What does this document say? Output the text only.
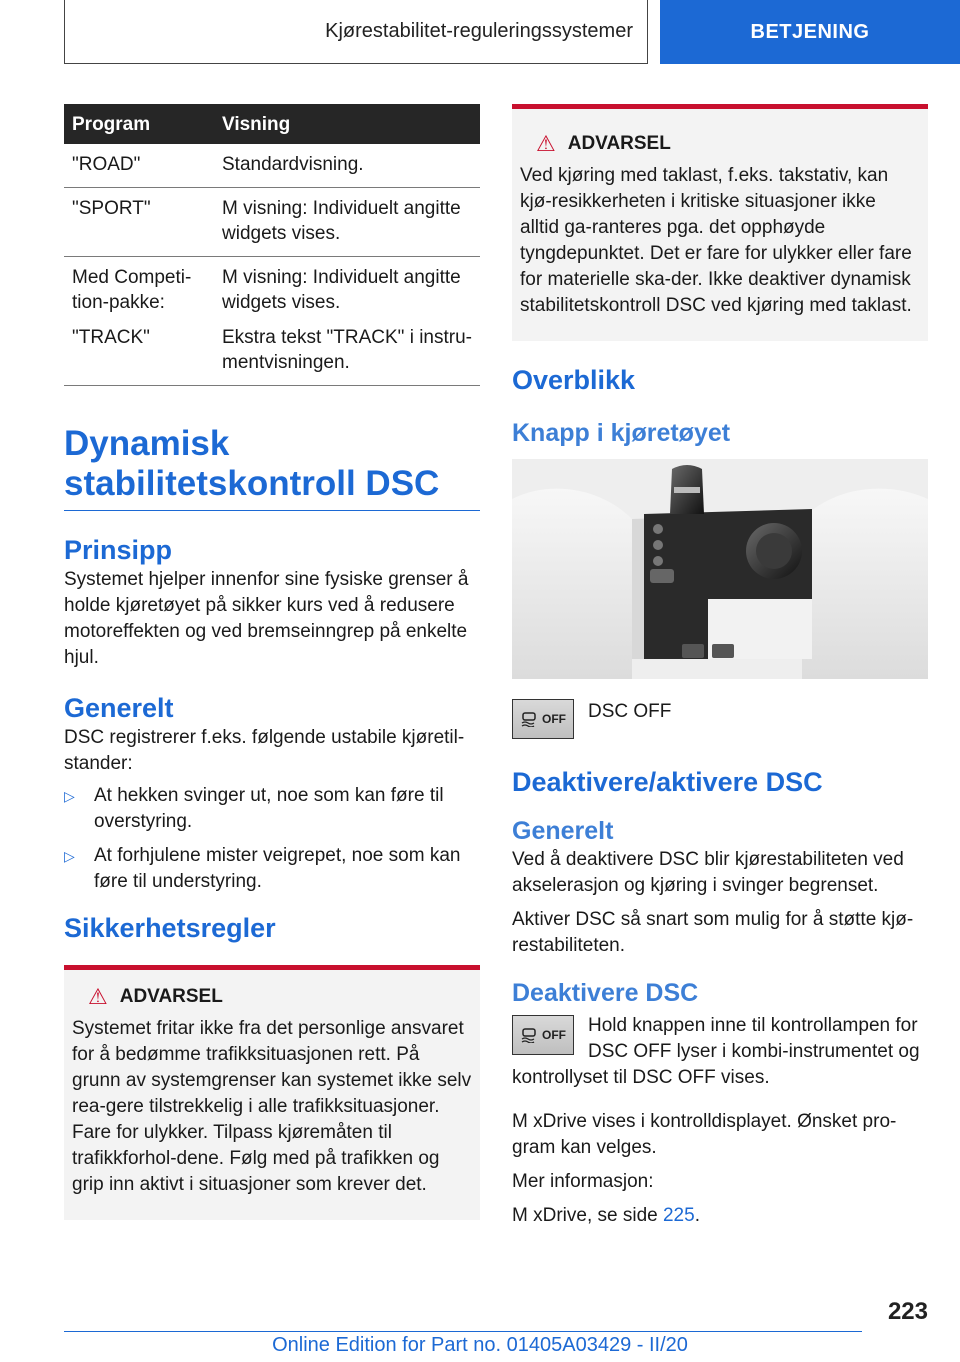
Kjørestabilitet-reguleringssystemer	BETJENING
Program	Visning
"ROAD"	Standardvisning.
"SPORT"	M visning: Individuelt angitte widgets vises.
Med Competi-tion-pakke:	M visning: Individuelt angitte widgets vises.
"TRACK"	Ekstra tekst "TRACK" i instru-mentvisningen.
Dynamisk stabilitetskontroll DSC
Prinsipp

Systemet hjelper innenfor sine fysiske grenser å holde kjøretøyet på sikker kurs ved å redusere motoreffekten og ved bremseinngrep på enkelte hjul.

Generelt

DSC registrerer f.eks. følgende ustabile kjøretil-stander:

▷ At hekken svinger ut, noe som kan føre til overstyring.
▷ At forhjulene mister veigrepet, noe som kan føre til understyring.
Sikkerhetsregler
⚠ ADVARSEL

Systemet fritar ikke fra det personlige ansvaret for å bedømme trafikksituasjonen rett. På grunn av systemgrenser kan systemet ikke selv rea-gere tilstrekkelig i alle trafikksituasjoner. Fare for ulykker. Tilpass kjøremåten til trafikkforhol-dene. Følg med på trafikken og grip inn aktivt i situasjoner som krever det.

⚠ ADVARSEL

Ved kjøring med taklast, f.eks. takstativ, kan kjø-resikkerheten i kritiske situasjoner ikke alltid ga-ranteres pga. det opphøyde tyngdepunktet. Det er fare for ulykker eller fare for materielle ska-der. Ikke deaktiver dynamisk stabilitetskontroll DSC ved kjøring med taklast.

Overblikk
Knapp i kjøretøyet
OFF DSC OFF
Deaktivere/aktivere DSC
Generelt

Ved å deaktivere DSC blir kjørestabiliteten ved akselerasjon og kjøring i svinger begrenset.

Aktiver DSC så snart som mulig for å støtte kjø-restabiliteten.

Deaktivere DSC
OFF Hold knappen inne til kontrollampen for DSC OFF lyser i kombi-instrumentet og

kontrollyset til DSC OFF vises.

M xDrive vises i kontrolldisplayet. Ønsket pro-gram kan velges.

Mer informasjon:

M xDrive, se side 225.

223
Online Edition for Part no. 01405A03429 - II/20
